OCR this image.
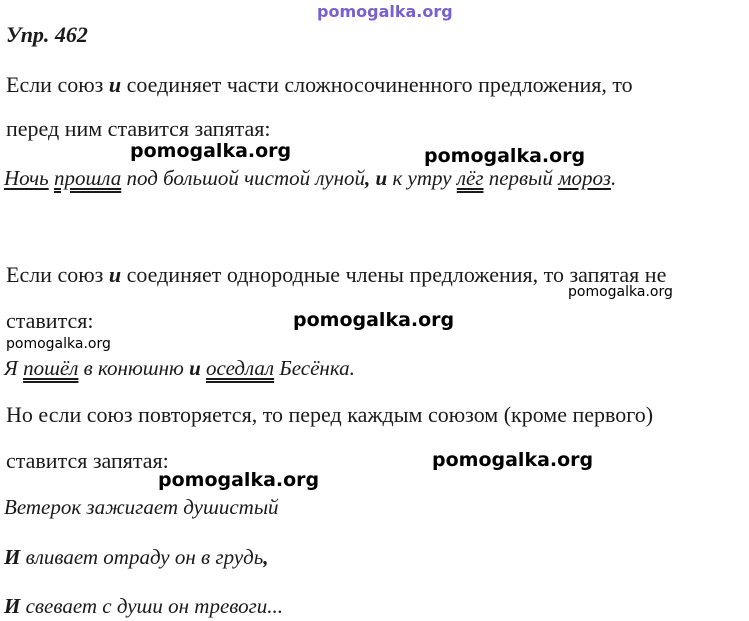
pomogalka.org
pomogalka.org	pomogalka.org
pomogalka.org
pomogalka.org
pomogalka.org
pomogalka.org
pomogalka.org
Упр. 462
Если союз и соединяет части сложносочиненного предложения, то
перед ним ставится запятая:
Ночь прошла под большой чистой луной, и к утру лёг первый мороз.
Если союз и соединяет однородные члены предложения, то запятая не
ставится:
Я пошёл в конюшню и оседлал Бесёнка.
Но если союз повторяется, то перед каждым союзом (кроме первого)
ставится запятая:
Ветерок зажигает душистый
И вливает отраду он в грудь,
И свевает с души он тревоги...
